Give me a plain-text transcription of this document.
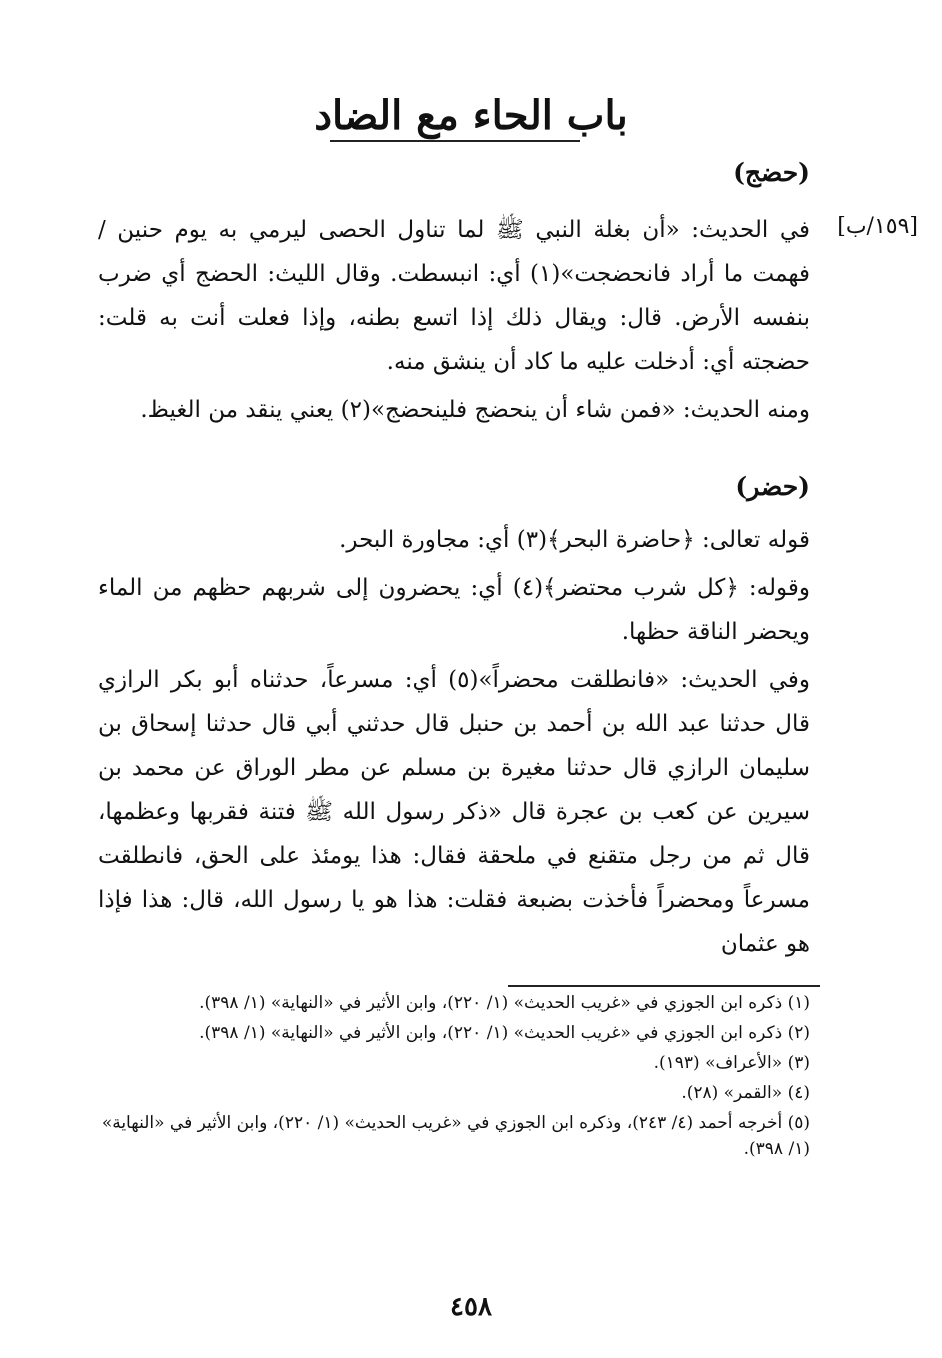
باب الحاء مع الضاد
[١٥٩/ب]
(حضج)

في الحديث: «أن بغلة النبي ﷺ لما تناول الحصى ليرمي به يوم حنين / فهمت ما أراد فانحضجت»(١) أي: انبسطت. وقال الليث: الحضج أي ضرب بنفسه الأرض. قال: ويقال ذلك إذا اتسع بطنه، وإذا فعلت أنت به قلت: حضجته أي: أدخلت عليه ما كاد أن ينشق منه.

ومنه الحديث: «فمن شاء أن ينحضج فلينحضج»(٢) يعني ينقد من الغيظ.

(حضر)

قوله تعالى: ﴿حاضرة البحر﴾(٣) أي: مجاورة البحر.

وقوله: ﴿كل شرب محتضر﴾(٤) أي: يحضرون إلى شربهم حظهم من الماء ويحضر الناقة حظها.

وفي الحديث: «فانطلقت محضراً»(٥) أي: مسرعاً، حدثناه أبو بكر الرازي قال حدثنا عبد الله بن أحمد بن حنبل قال حدثني أبي قال حدثنا إسحاق بن سليمان الرازي قال حدثنا مغيرة بن مسلم عن مطر الوراق عن محمد بن سيرين عن كعب بن عجرة قال «ذكر رسول الله ﷺ فتنة فقربها وعظمها، قال ثم من رجل متقنع في ملحقة فقال: هذا يومئذ على الحق، فانطلقت مسرعاً ومحضراً فأخذت بضبعة فقلت: هذا هو يا رسول الله، قال: هذا فإذا هو عثمان

(١) ذكره ابن الجوزي في «غريب الحديث» (١/ ٢٢٠)، وابن الأثير في «النهاية» (١/ ٣٩٨).

(٢) ذكره ابن الجوزي في «غريب الحديث» (١/ ٢٢٠)، وابن الأثير في «النهاية» (١/ ٣٩٨).

(٣) «الأعراف» (١٩٣).

(٤) «القمر» (٢٨).

(٥) أخرجه أحمد (٤/ ٢٤٣)، وذكره ابن الجوزي في «غريب الحديث» (١/ ٢٢٠)، وابن الأثير في «النهاية» (١/ ٣٩٨).

٤٥٨
